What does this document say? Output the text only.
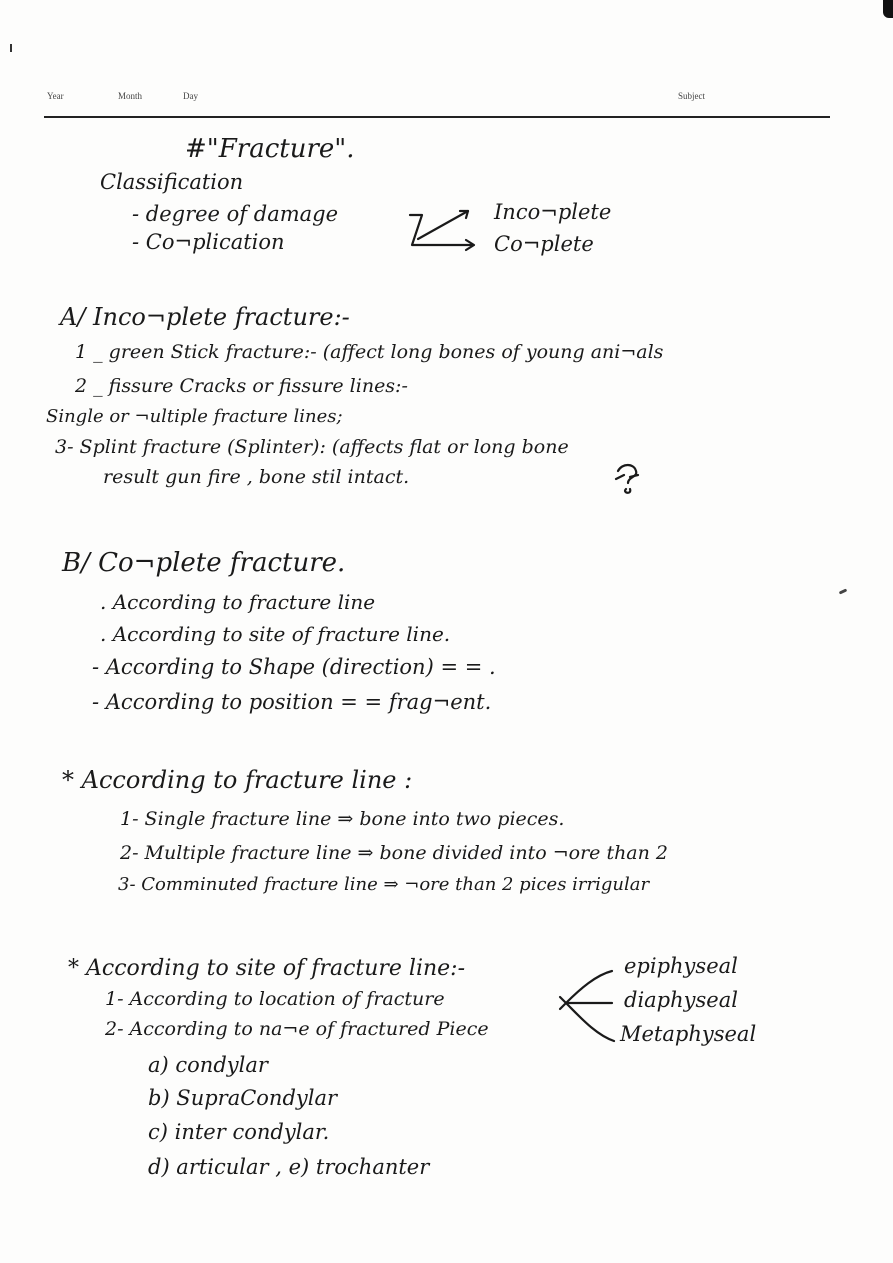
Year	Month	Day	Subject
#"Fracture".
Classification
- degree of damage
- Co¬plication
Inco¬plete
Co¬plete
A/ Inco¬plete fracture:-
1 _ green Stick fracture:- (affect long bones of young ani¬als
2 _ fissure Cracks or fissure lines:-
Single or ¬ultiple fracture lines;
3- Splint fracture (Splinter): (affects flat or long bone
result gun fire , bone stil intact.
B/ Co¬plete fracture.
. According to fracture line
. According to site of fracture line.
- According to Shape (direction) = = .
- According to position = = frag¬ent.
* According to fracture line :
1- Single fracture line ⇒ bone into two pieces.
2- Multiple fracture line ⇒ bone divided into ¬ore than 2
3- Comminuted fracture line ⇒ ¬ore than 2 pices irrigular
* According to site of fracture line:-
1- According to location of fracture
2- According to na¬e of fractured Piece
epiphyseal
diaphyseal
Metaphyseal
a) condylar
b) SupraCondylar
c) inter condylar.
d) articular , e) trochanter
